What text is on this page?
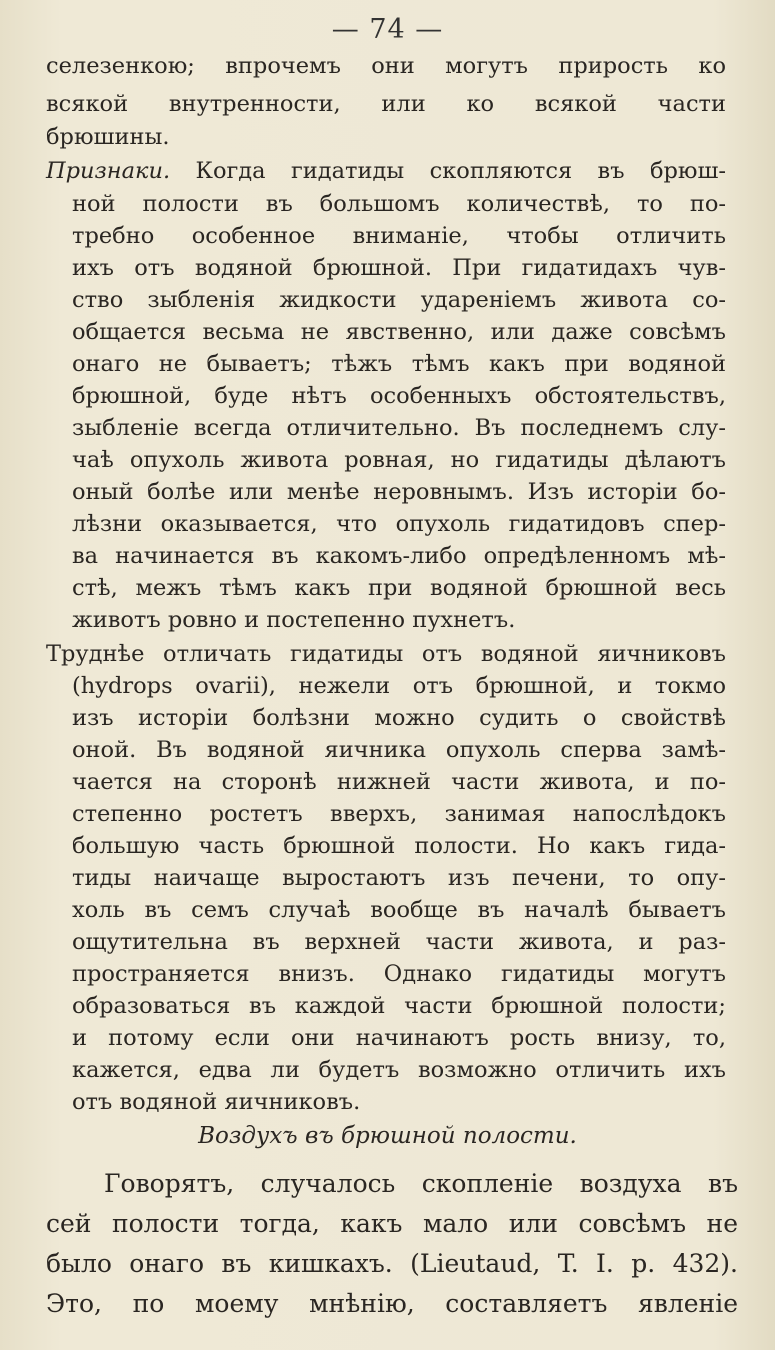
— 74 —
селезенкою; впрочемъ они могутъ прирость ко
всякой внутренности, или ко всякой части
брюшины.
Признаки. Когда гидатиды скопляются въ брюш-
ной полости въ большомъ количествѣ, то по-
требно особенное вниманіе, чтобы отличить
ихъ отъ водяной брюшной. При гидатидахъ чув-
ство зыбленія жидкости ударенiемъ живота со-
общается весьма не явственно, или даже совсѣмъ
онаго не бываетъ; тѣжъ тѣмъ какъ при водяной
брюшной, буде нѣтъ особенныхъ обстоятельствъ,
зыбленіе всегда отличительно. Въ последнемъ слу-
чаѣ опухоль живота ровная, но гидатиды дѣлаютъ
оный болѣе или менѣе неровнымъ. Изъ исторіи бо-
лѣзни оказывается, что опухоль гидатидовъ спер-
ва начинается въ какомъ-либо опредѣленномъ мѣ-
стѣ, межъ тѣмъ какъ при водяной брюшной весь
животъ ровно и постепенно пухнетъ.
Труднѣе отличать гидатиды отъ водяной яичниковъ
(hydrops ovarii), нежели отъ брюшной, и токмо
изъ исторіи болѣзни можно судить о свойствѣ
оной. Въ водяной яичника опухоль сперва замѣ-
чается на сторонѣ нижней части живота, и по-
степенно ростетъ вверхъ, занимая напослѣдокъ
большую часть брюшной полости. Но какъ гида-
тиды наичаще выростаютъ изъ печени, то опу-
холь въ семъ случаѣ вообще въ началѣ бываетъ
ощутительна въ верхней части живота, и раз-
пространяется внизъ. Однако гидатиды могутъ
образоваться въ каждой части брюшной полости;
и потому если они начинаютъ рость внизу, то,
кажется, едва ли будетъ возможно отличить ихъ
отъ водяной яичниковъ.
Воздухъ въ брюшной полости.
Говорятъ, случалось скопленіе воздуха въ
сей полости тогда, какъ мало или совсѣмъ не
было онаго въ кишкахъ. (Lieutaud, T. I. p. 432).
Это, по моему мнѣнію, составляетъ явленіе
